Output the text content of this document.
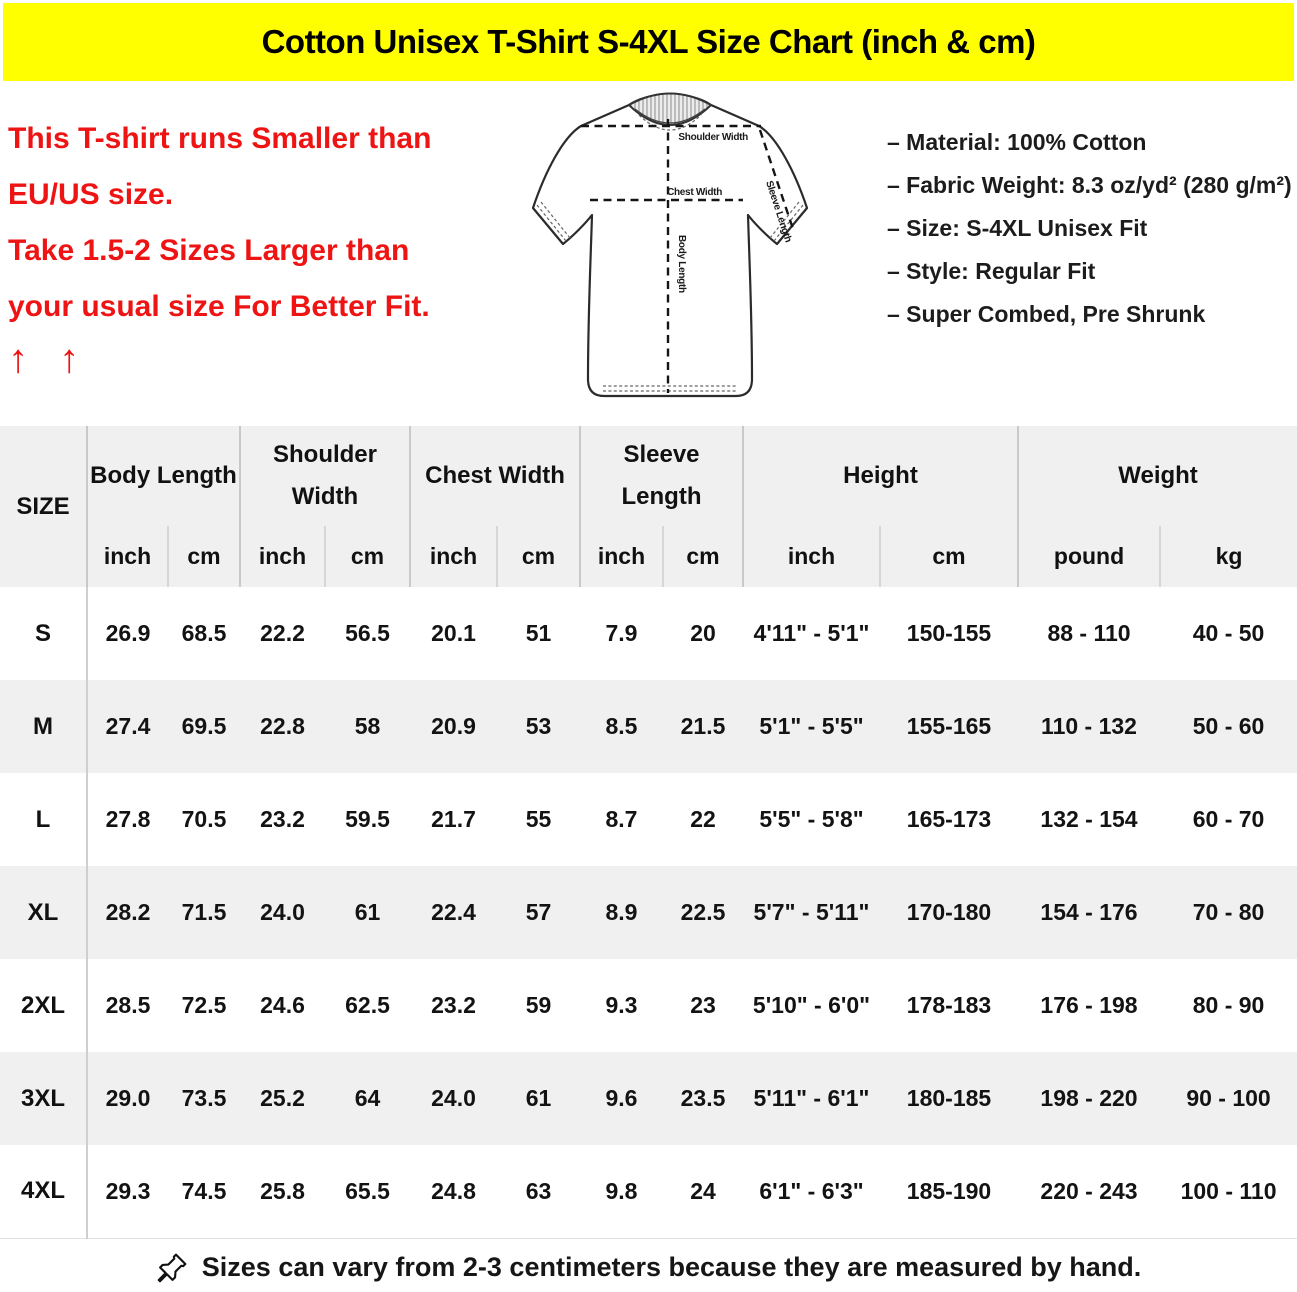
Cotton Unisex T-Shirt S-4XL Size Chart (inch & cm)
This T-shirt runs Smaller than
EU/US size.
Take 1.5-2 Sizes Larger than
your usual size For Better Fit.
↑ ↑
Shoulder Width
Chest Width
Body Length
Sleeve Length
– Material: 100% Cotton
– Fabric Weight: 8.3 oz/yd² (280 g/m²)
– Size: S-4XL Unisex Fit
– Style: Regular Fit
– Super Combed, Pre Shrunk
SIZE	Body Length		Shoulder Width		Chest Width		Sleeve Length		Height		Weight	
	inch	cm	inch	cm	inch	cm	inch	cm	inch	cm	pound	kg
S	26.9	68.5	22.2	56.5	20.1	51	7.9	20	4'11" - 5'1"	150-155	88 - 110	40 - 50
M	27.4	69.5	22.8	58	20.9	53	8.5	21.5	5'1" - 5'5"	155-165	110 - 132	50 - 60
L	27.8	70.5	23.2	59.5	21.7	55	8.7	22	5'5" - 5'8"	165-173	132 - 154	60 - 70
XL	28.2	71.5	24.0	61	22.4	57	8.9	22.5	5'7" - 5'11"	170-180	154 - 176	70 - 80
2XL	28.5	72.5	24.6	62.5	23.2	59	9.3	23	5'10" - 6'0"	178-183	176 - 198	80 - 90
3XL	29.0	73.5	25.2	64	24.0	61	9.6	23.5	5'11" - 6'1"	180-185	198 - 220	90 - 100
4XL	29.3	74.5	25.8	65.5	24.8	63	9.8	24	6'1" - 6'3"	185-190	220 - 243	100 - 110
Sizes can vary from 2-3 centimeters because they are measured by hand.
